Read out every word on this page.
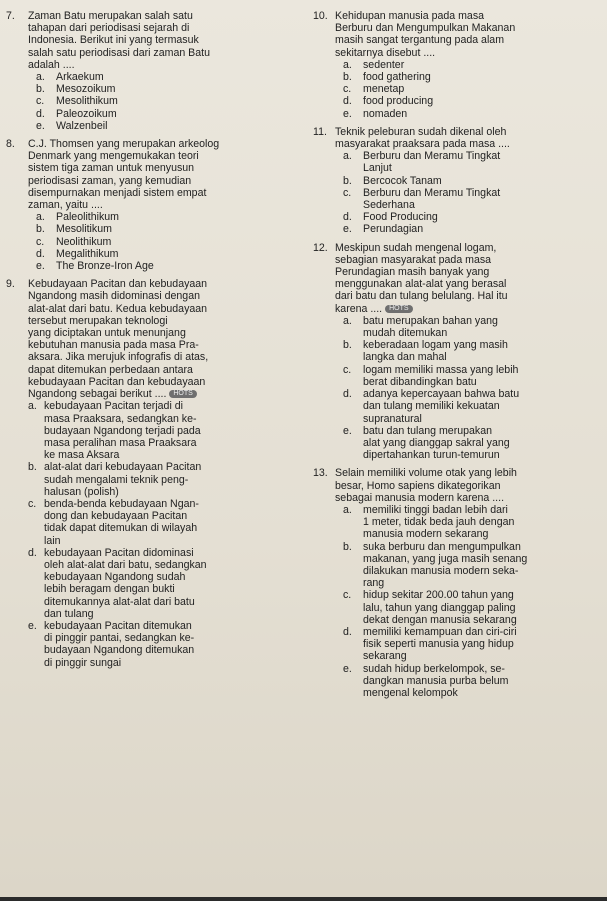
7. Zaman Batu merupakan salah satu
tahapan dari periodisasi sejarah di
Indonesia. Berikut ini yang termasuk
salah satu periodisasi dari zaman Batu
adalah ....
a. Arkaekum
b. Mesozoikum
c. Mesolithikum
d. Paleozoikum
e. Walzenbeil
8. C.J. Thomsen yang merupakan arkeolog
Denmark yang mengemukakan teori
sistem tiga zaman untuk menyusun
periodisasi zaman, yang kemudian
disempurnakan menjadi sistem empat
zaman, yaitu ....
a. Paleolithikum
b. Mesolitikum
c. Neolithikum
d. Megalithikum
e. The Bronze-Iron Age
9. Kebudayaan Pacitan dan kebudayaan
Ngandong masih didominasi dengan
alat-alat dari batu. Kedua kebudayaan
tersebut merupakan teknologi
yang diciptakan untuk menunjang
kebutuhan manusia pada masa Pra-
aksara. Jika merujuk infografis di atas,
dapat ditemukan perbedaan antara
kebudayaan Pacitan dan kebudayaan
Ngandong sebagai berikut .... HOTS
a. kebudayaan Pacitan terjadi di
masa Praaksara, sedangkan ke-
budayaan Ngandong terjadi pada
masa peralihan masa Praaksara
ke masa Aksara
b. alat-alat dari kebudayaan Pacitan
sudah mengalami teknik peng-
halusan (polish)
c. benda-benda kebudayaan Ngan-
dong dan kebudayaan Pacitan
tidak dapat ditemukan di wilayah
lain
d. kebudayaan Pacitan didominasi
oleh alat-alat dari batu, sedangkan
kebudayaan Ngandong sudah
lebih beragam dengan bukti
ditemukannya alat-alat dari batu
dan tulang
e. kebudayaan Pacitan ditemukan
di pinggir pantai, sedangkan ke-
budayaan Ngandong ditemukan
di pinggir sungai
10. Kehidupan manusia pada masa
Berburu dan Mengumpulkan Makanan
masih sangat tergantung pada alam
sekitarnya disebut ....
a. sedenter
b. food gathering
c. menetap
d. food producing
e. nomaden
11. Teknik peleburan sudah dikenal oleh
masyarakat praaksara pada masa ....
a. Berburu dan Meramu Tingkat
Lanjut
b. Bercocok Tanam
c. Berburu dan Meramu Tingkat
Sederhana
d. Food Producing
e. Perundagian
12. Meskipun sudah mengenal logam,
sebagian masyarakat pada masa
Perundagian masih banyak yang
menggunakan alat-alat yang berasal
dari batu dan tulang belulang. Hal itu
karena .... HOTS
a. batu merupakan bahan yang
mudah ditemukan
b. keberadaan logam yang masih
langka dan mahal
c. logam memiliki massa yang lebih
berat dibandingkan batu
d. adanya kepercayaan bahwa batu
dan tulang memiliki kekuatan
supranatural
e. batu dan tulang merupakan
alat yang dianggap sakral yang
dipertahankan turun-temurun
13. Selain memiliki volume otak yang lebih
besar, Homo sapiens dikategorikan
sebagai manusia modern karena ....
a. memiliki tinggi badan lebih dari
1 meter, tidak beda jauh dengan
manusia modern sekarang
b. suka berburu dan mengumpulkan
makanan, yang juga masih senang
dilakukan manusia modern seka-
rang
c. hidup sekitar 200.00 tahun yang
lalu, tahun yang dianggap paling
dekat dengan manusia sekarang
d. memiliki kemampuan dan ciri-ciri
fisik seperti manusia yang hidup
sekarang
e. sudah hidup berkelompok, se-
dangkan manusia purba belum
mengenal kelompok
